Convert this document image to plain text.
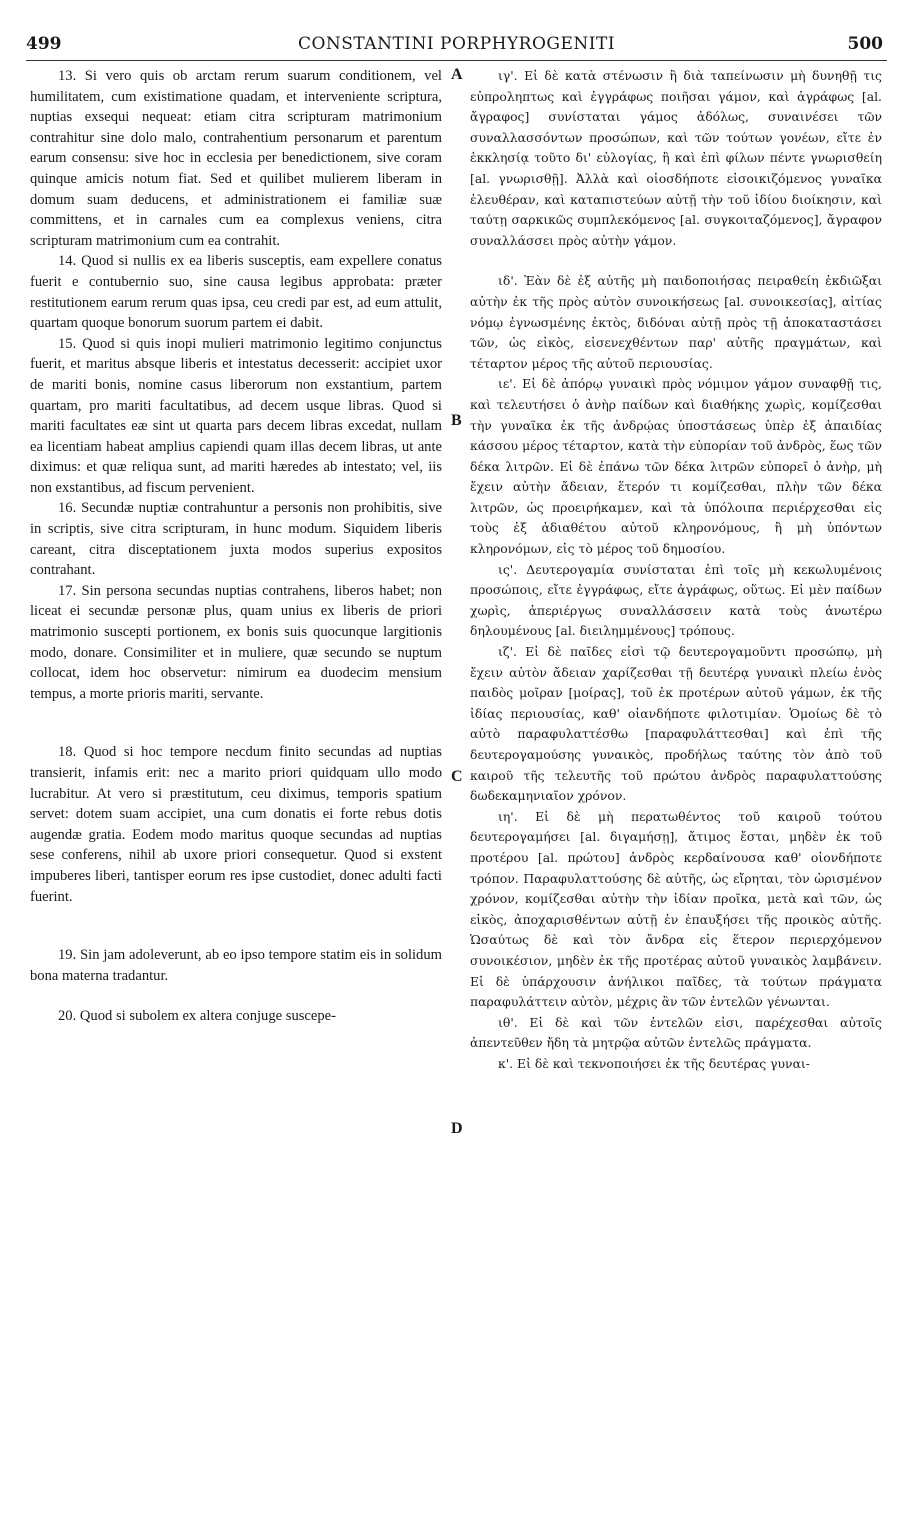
499	CONSTANTINI PORPHYROGENITI	500

13. Si vero quis ob arctam rerum suarum conditionem, vel humilitatem, cum existimatione quadam, et interveniente scriptura, nuptias exsequi nequeat: etiam citra scripturam matrimonium contrahitur sine dolo malo, contrahentium personarum et parentum earum consensu: sive hoc in ecclesia per benedictionem, sive coram quinque amicis notum fiat. Sed et quilibet mulierem liberam in domum suam deducens, et administrationem ei familiæ suæ committens, et in carnales cum ea complexus veniens, citra scripturam matrimonium cum ea contrahit.

14. Quod si nullis ex ea liberis susceptis, eam expellere conatus fuerit e contubernio suo, sine causa legibus approbata: præter restitutionem earum rerum quas ipsa, ceu credi par est, ad eum attulit, quartam quoque bonorum suorum partem ei dabit.

15. Quod si quis inopi mulieri matrimonio legitimo conjunctus fuerit, et maritus absque liberis et intestatus decesserit: accipiet uxor de mariti bonis, nomine casus liberorum non exstantium, partem quartam, pro mariti facultatibus, ad decem usque libras. Quod si mariti facultates eæ sint ut quarta pars decem libras excedat, nullam ea licentiam habeat amplius capiendi quam illas decem libras, ut ante diximus: et quæ reliqua sunt, ad mariti hæredes ab intestato; vel, iis non exstantibus, ad fiscum pervenient.

16. Secundæ nuptiæ contrahuntur a personis non prohibitis, sive in scriptis, sive citra scripturam, in hunc modum. Siquidem liberis careant, citra disceptationem juxta modos superius expositos contrahant.

17. Sin persona secundas nuptias contrahens, liberos habet; non liceat ei secundæ personæ plus, quam unius ex liberis de priori matrimonio suscepti portionem, ex bonis suis quocunque largitionis modo, donare. Consimiliter et in muliere, quæ secundo se nuptum collocat, idem hoc observetur: nimirum ea duodecim mensium tempus, a morte prioris mariti, servante.

18. Quod si hoc tempore necdum finito secundas ad nuptias transierit, infamis erit: nec a marito priori quidquam ullo modo lucrabitur. At vero si præstitutum, ceu diximus, temporis spatium servet: dotem suam accipiet, una cum donatis ei forte rebus dotis augendæ gratia. Eodem modo maritus quoque secundas ad nuptias sese conferens, nihil ab uxore priori consequetur. Quod si exstent impuberes liberi, tantisper eorum res ipse custodiet, donec adulti facti fuerint.

19. Sin jam adoleverunt, ab eo ipso tempore statim eis in solidum bona materna tradantur.

20. Quod si subolem ex altera conjuge suscepe-

A
B
C
D

ιγ'. Εἰ δὲ κατὰ στένωσιν ἢ διὰ ταπείνωσιν μὴ δυνηθῇ τις εὐπροληπτως καὶ ἐγγράφως ποιῆσαι γάμον, καὶ ἀγράφως [al. ἄγραφος] συνίσταται γάμος ἀδόλως, συναινέσει τῶν συναλλασσόντων προσώπων, καὶ τῶν τούτων γονέων, εἴτε ἐν ἐκκλησίᾳ τοῦτο δι' εὐλογίας, ἢ καὶ ἐπὶ φίλων πέντε γνωρισθείη [al. γνωρισθῇ]. Ἀλλὰ καὶ οἱοσδήποτε εἰσοικιζόμενος γυναῖκα ἐλευθέραν, καὶ καταπιστεύων αὐτῇ τὴν τοῦ ἰδίου διοίκησιν, καὶ ταύτῃ σαρκικῶς συμπλεκόμενος [al. συγκοιταζόμενος], ἄγραφον συναλλάσσει πρὸς αὐτὴν γάμον.

ιδ'. Ἐὰν δὲ ἐξ αὐτῆς μὴ παιδοποιήσας πειραθείη ἐκδιῶξαι αὐτὴν ἐκ τῆς πρὸς αὐτὸν συνοικήσεως [al. συνοικεσίας], αἰτίας νόμῳ ἐγνωσμένης ἐκτὸς, διδόναι αὐτῇ πρὸς τῇ ἀποκαταστάσει τῶν, ὡς εἰκὸς, εἰσενεχθέντων παρ' αὐτῆς πραγμάτων, καὶ τέταρτον μέρος τῆς αὐτοῦ περιουσίας.

ιε'. Εἰ δὲ ἀπόρῳ γυναικὶ πρὸς νόμιμον γάμον συναφθῇ τις, καὶ τελευτήσει ὁ ἀνὴρ παίδων καὶ διαθήκης χωρὶς, κομίζεσθαι τὴν γυναῖκα ἐκ τῆς ἀνδρῴας ὑποστάσεως ὑπὲρ ἐξ ἀπαιδίας κάσσου μέρος τέταρτον, κατὰ τὴν εὐπορίαν τοῦ ἀνδρὸς, ἕως τῶν δέκα λιτρῶν. Εἰ δὲ ἐπάνω τῶν δέκα λιτρῶν εὐπορεῖ ὁ ἀνὴρ, μὴ ἔχειν αὐτὴν ἄδειαν, ἕτερόν τι κομίζεσθαι, πλὴν τῶν δέκα λιτρῶν, ὡς προειρήκαμεν, καὶ τὰ ὑπόλοιπα περιέρχεσθαι εἰς τοὺς ἐξ ἀδιαθέτου αὐτοῦ κληρονόμους, ἢ μὴ ὑπόντων κληρονόμων, εἰς τὸ μέρος τοῦ δημοσίου.

ις'. Δευτερογαμία συνίσταται ἐπὶ τοῖς μὴ κεκωλυμένοις προσώποις, εἴτε ἐγγράφως, εἴτε ἀγράφως, οὕτως. Εἰ μὲν παίδων χωρὶς, ἀπεριέργως συναλλάσσειν κατὰ τοὺς ἀνωτέρω δηλουμένους [al. διειλημμένους] τρόπους.

ιζ'. Εἰ δὲ παῖδες εἰσὶ τῷ δευτερογαμοῦντι προσώπῳ, μὴ ἔχειν αὐτὸν ἄδειαν χαρίζεσθαι τῇ δευτέρᾳ γυναικὶ πλείω ἑνὸς παιδὸς μοῖραν [μοίρας], τοῦ ἐκ προτέρων αὐτοῦ γάμων, ἐκ τῆς ἰδίας περιουσίας, καθ' οἱανδήποτε φιλοτιμίαν. Ὁμοίως δὲ τὸ αὐτὸ παραφυλαττέσθω [παραφυλάττεσθαι] καὶ ἐπὶ τῆς δευτερογαμούσης γυναικὸς, προδήλως ταύτης τὸν ἀπὸ τοῦ καιροῦ τῆς τελευτῆς τοῦ πρώτου ἀνδρὸς παραφυλαττούσης δωδεκαμηνιαῖον χρόνον.

ιη'. Εἰ δὲ μὴ περατωθέντος τοῦ καιροῦ τούτου δευτερογαμήσει [al. διγαμήσῃ], ἄτιμος ἔσται, μηδὲν ἐκ τοῦ προτέρου [al. πρώτου] ἀνδρὸς κερδαίνουσα καθ' οἱονδήποτε τρόπον. Παραφυλαττούσης δὲ αὐτῆς, ὡς εἴρηται, τὸν ὡρισμένον χρόνον, κομίζεσθαι αὐτὴν τὴν ἰδίαν προῖκα, μετὰ καὶ τῶν, ὡς εἰκὸς, ἀποχαρισθέντων αὐτῇ ἐν ἐπαυξήσει τῆς προικὸς αὐτῆς. Ὡσαύτως δὲ καὶ τὸν ἄνδρα εἰς ἕτερον περιερχόμενον συνοικέσιον, μηδὲν ἐκ τῆς προτέρας αὐτοῦ γυναικὸς λαμβάνειν. Εἰ δὲ ὑπάρχουσιν ἀνήλικοι παῖδες, τὰ τούτων πράγματα παραφυλάττειν αὐτὸν, μέχρις ἂν τῶν ἐντελῶν γένωνται.

ιθ'. Εἰ δὲ καὶ τῶν ἐντελῶν εἰσι, παρέχεσθαι αὐτοῖς ἀπεντεῦθεν ἤδη τὰ μητρῷα αὐτῶν ἐντελῶς πράγματα.

κ'. Εἰ δὲ καὶ τεκνοποιήσει ἐκ τῆς δευτέρας γυναι-
